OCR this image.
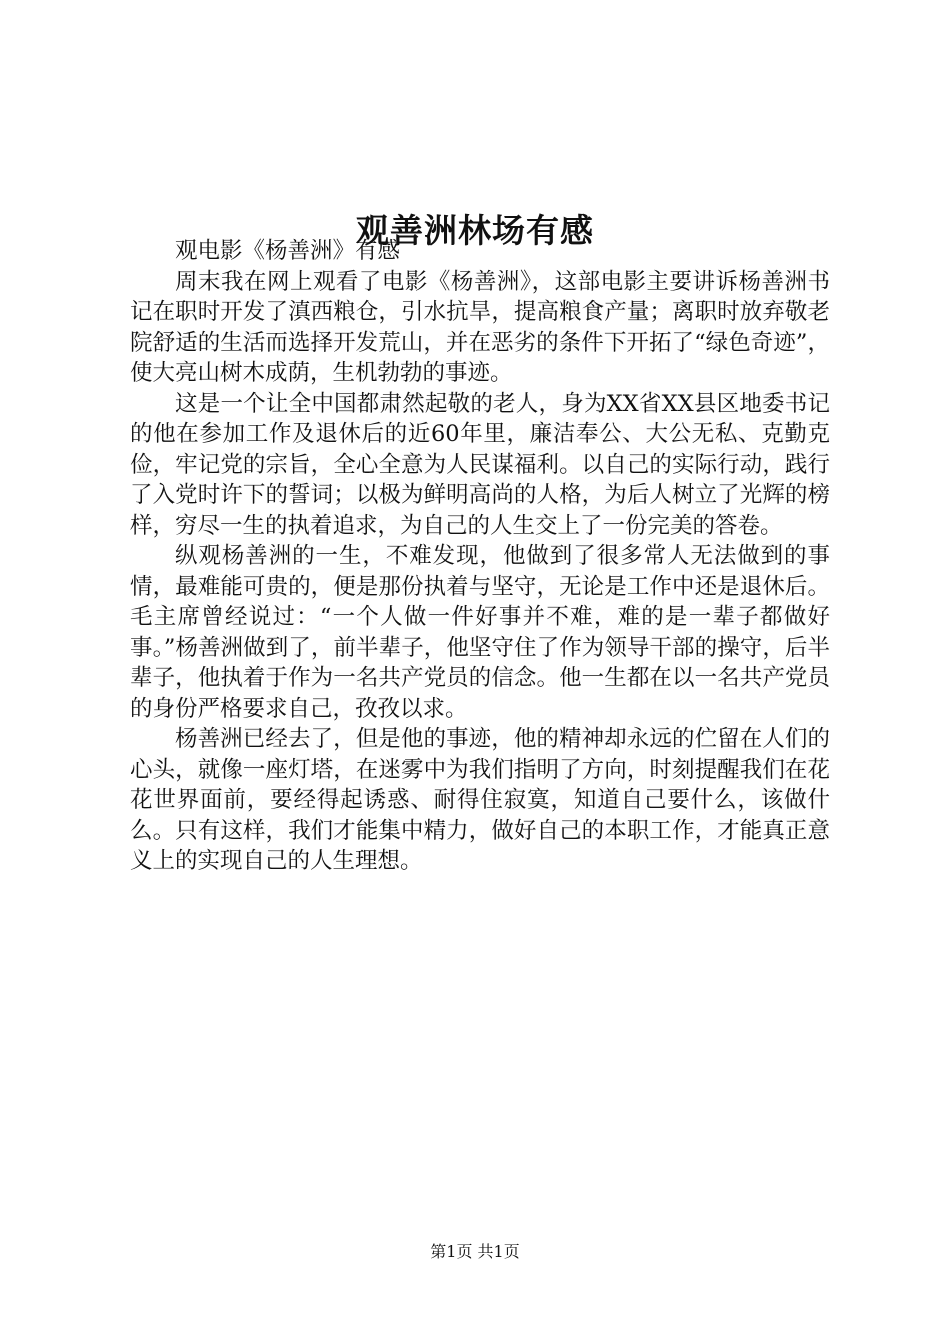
观善洲林场有感

观电影《杨善洲》有感

周末我在网上观看了电影《杨善洲》，这部电影主要讲诉杨善洲书记在职时开发了滇西粮仓，引水抗旱，提高粮食产量；离职时放弃敬老院舒适的生活而选择开发荒山，并在恶劣的条件下开拓了“绿色奇迹”，使大亮山树木成荫，生机勃勃的事迹。

这是一个让全中国都肃然起敬的老人，身为XX省XX县区地委书记的他在参加工作及退休后的近60年里，廉洁奉公、大公无私、克勤克俭，牢记党的宗旨，全心全意为人民谋福利。以自己的实际行动，践行了入党时许下的誓词；以极为鲜明高尚的人格，为后人树立了光辉的榜样，穷尽一生的执着追求，为自己的人生交上了一份完美的答卷。

纵观杨善洲的一生，不难发现，他做到了很多常人无法做到的事情，最难能可贵的，便是那份执着与坚守，无论是工作中还是退休后。毛主席曾经说过：“一个人做一件好事并不难，难的是一辈子都做好事。”杨善洲做到了，前半辈子，他坚守住了作为领导干部的操守，后半辈子，他执着于作为一名共产党员的信念。他一生都在以一名共产党员的身份严格要求自己，孜孜以求。

杨善洲已经去了，但是他的事迹，他的精神却永远的伫留在人们的心头，就像一座灯塔，在迷雾中为我们指明了方向，时刻提醒我们在花花世界面前，要经得起诱惑、耐得住寂寞，知道自己要什么，该做什么。只有这样，我们才能集中精力，做好自己的本职工作，才能真正意义上的实现自己的人生理想。

第1页 共1页
